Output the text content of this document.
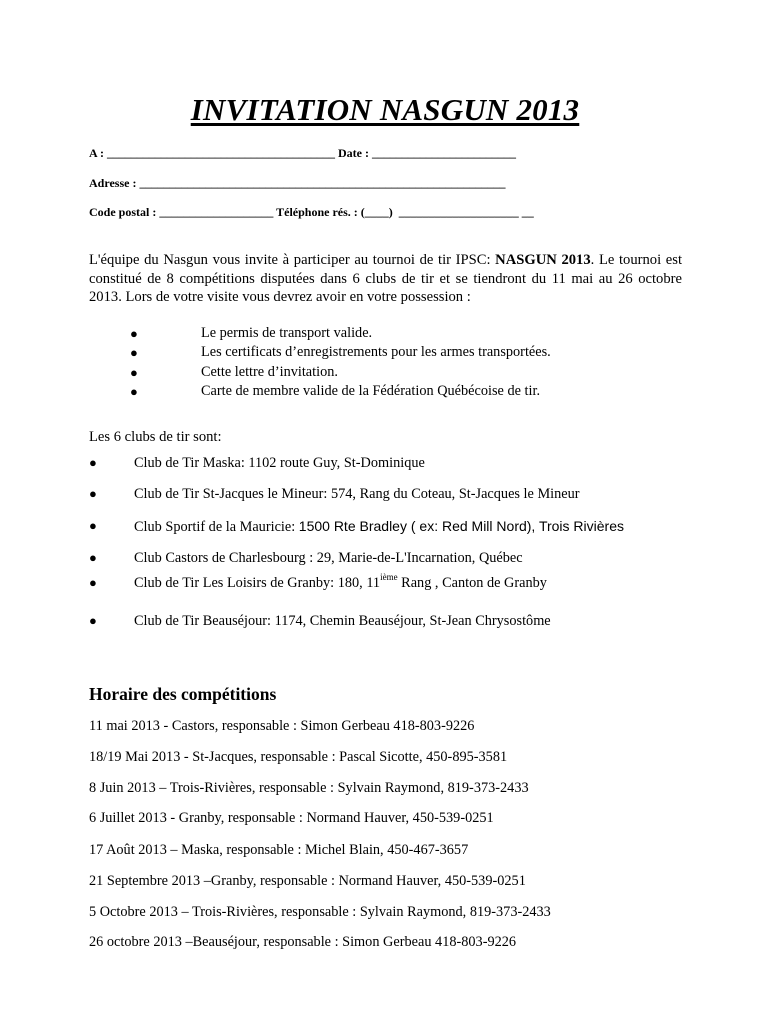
INVITATION NASGUN 2013
A : ______________________________________ Date : ________________________
Adresse : _____________________________________________________________
Code postal : ___________________ Téléphone rés. : (____)  ____________________ __
L'équipe du Nasgun vous invite à participer au tournoi de tir IPSC: NASGUN 2013. Le tournoi est constitué de 8 compétitions disputées dans 6 clubs de tir et se tiendront du 11 mai au 26 octobre 2013. Lors de votre visite vous devrez avoir en votre possession :
●	Le permis de transport valide.
●	Les certificats d’enregistrements pour les armes transportées.
●	Cette lettre d’invitation.
●	Carte de membre valide de la Fédération Québécoise de tir.
Les 6 clubs de tir sont:
●	Club de Tir Maska: 1102 route Guy, St-Dominique
●	Club de Tir St-Jacques le Mineur: 574, Rang du Coteau, St-Jacques le Mineur
●	Club Sportif de la Mauricie: 1500 Rte Bradley ( ex: Red Mill Nord), Trois Rivières
●	Club Castors de Charlesbourg : 29, Marie-de-L'Incarnation, Québec
●	Club de Tir Les Loisirs de Granby: 180, 11ième Rang , Canton de Granby
●	Club de Tir Beauséjour: 1174, Chemin Beauséjour, St-Jean Chrysostôme
Horaire des compétitions
11 mai 2013 - Castors, responsable : Simon Gerbeau 418-803-9226
18/19 Mai 2013 - St-Jacques, responsable : Pascal Sicotte, 450-895-3581
8 Juin 2013 – Trois-Rivières, responsable : Sylvain Raymond, 819-373-2433
6 Juillet 2013 - Granby, responsable : Normand Hauver, 450-539-0251
17 Août 2013 – Maska, responsable : Michel Blain, 450-467-3657
21 Septembre 2013 –Granby, responsable : Normand Hauver, 450-539-0251
5 Octobre 2013 – Trois-Rivières, responsable : Sylvain Raymond, 819-373-2433
26 octobre 2013 –Beauséjour, responsable : Simon Gerbeau 418-803-9226
